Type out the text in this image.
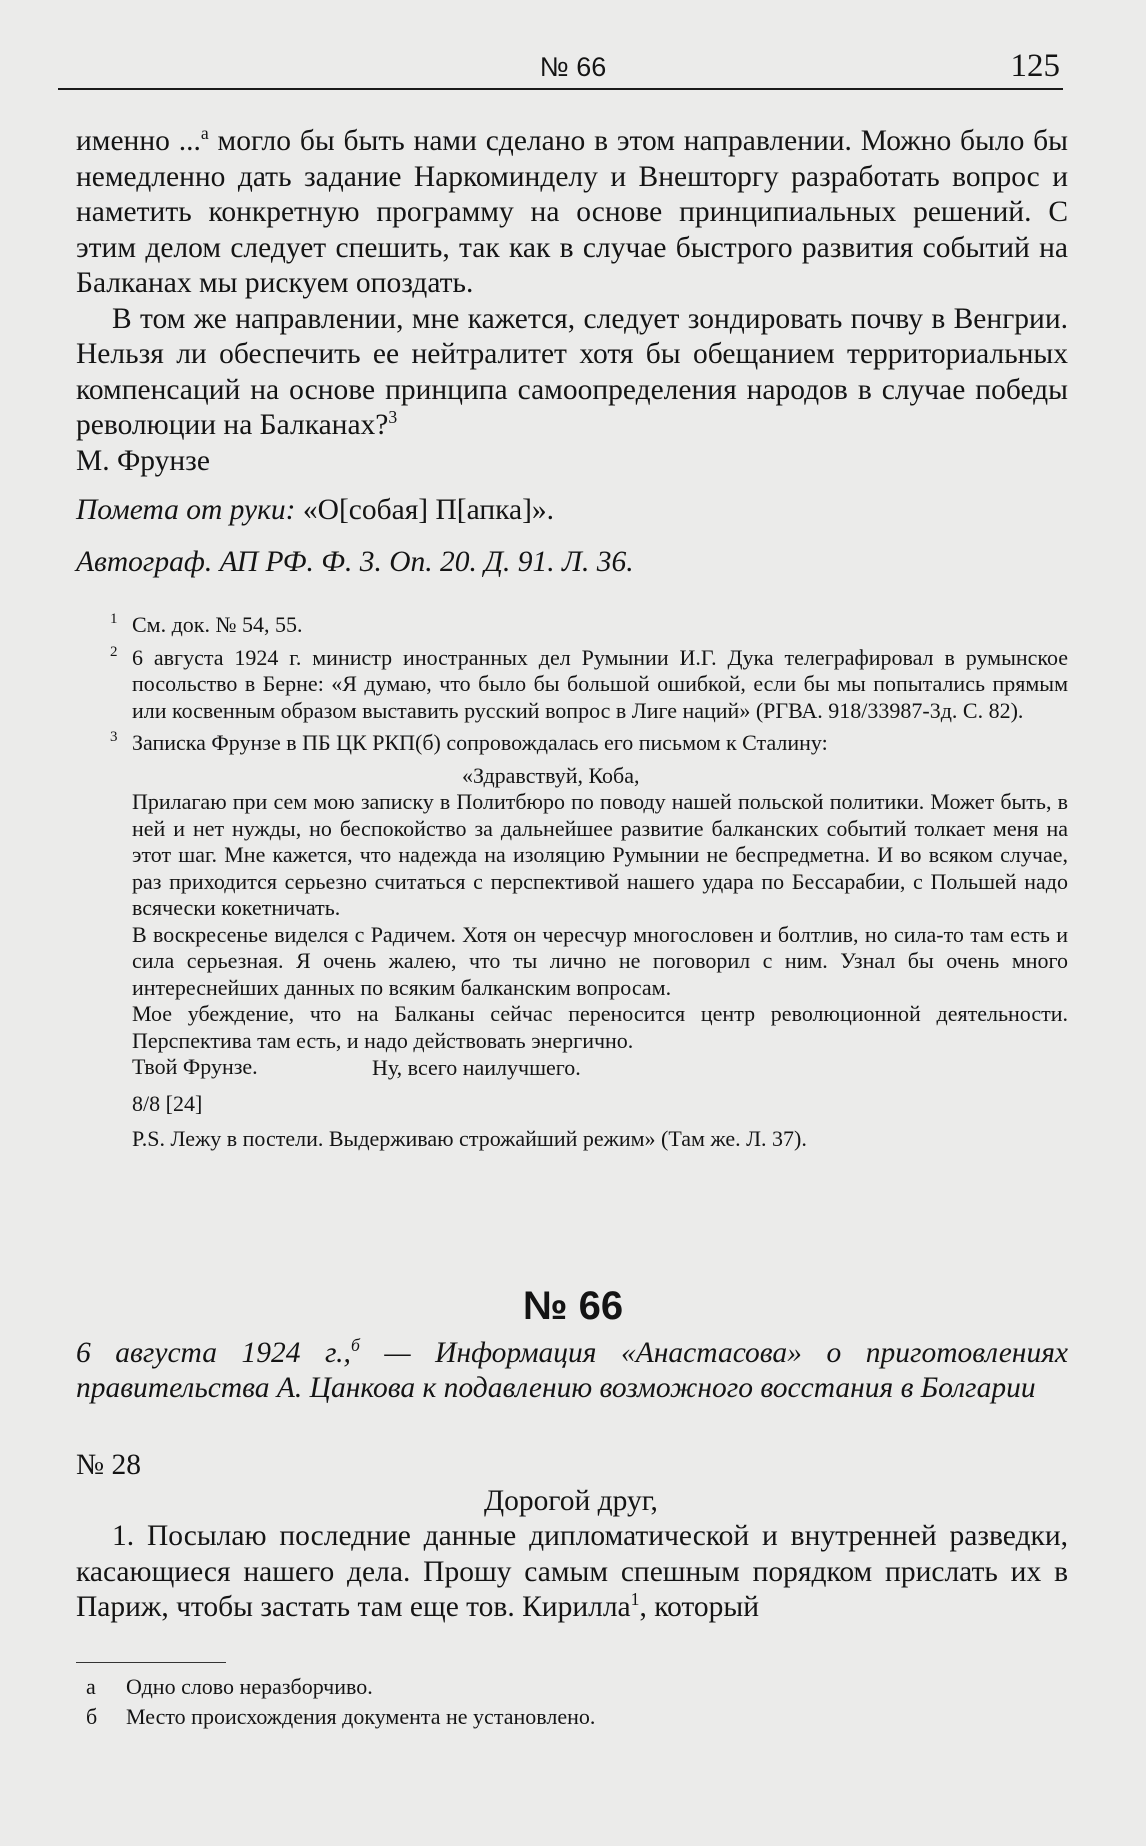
№ 66	125

именно ...$^а$ могло бы быть нами сделано в этом направлении. Можно было бы немедленно дать задание Наркоминделу и Внешторгу разработать вопрос и наметить конкретную программу на основе принципиальных решений. С этим делом следует спешить, так как в случае быстрого развития событий на Балканах мы рискуем опоздать.

В том же направлении, мне кажется, следует зондировать почву в Венгрии. Нельзя ли обеспечить ее нейтралитет хотя бы обещанием территориальных компенсаций на основе принципа самоопределения народов в случае победы революции на Балканах?$^3$

М. Фрунзе

Помета от руки: «О[собая] П[апка]».

Автограф. АП РФ. Ф. 3. Оп. 20. Д. 91. Л. 36.

1 См. док. № 54, 55.

2 6 августа 1924 г. министр иностранных дел Румынии И.Г. Дука телеграфировал в румынское посольство в Берне: «Я думаю, что было бы большой ошибкой, если бы мы попытались прямым или косвенным образом выставить русский вопрос в Лиге наций» (РГВА. 918/33987-3д. С. 82).

3 Записка Фрунзе в ПБ ЦК РКП(б) сопровождалась его письмом к Сталину:

«Здравствуй, Коба,

Прилагаю при сем мою записку в Политбюро по поводу нашей польской политики. Может быть, в ней и нет нужды, но беспокойство за дальнейшее развитие балканских событий толкает меня на этот шаг. Мне кажется, что надежда на изоляцию Румынии не беспредметна. И во всяком случае, раз приходится серьезно считаться с перспективой нашего удара по Бессарабии, с Польшей надо всячески кокетничать.

В воскресенье виделся с Радичем. Хотя он чересчур многословен и болтлив, но сила-то там есть и сила серьезная. Я очень жалею, что ты лично не поговорил с ним. Узнал бы очень много интереснейших данных по всяким балканским вопросам.

Мое убеждение, что на Балканы сейчас переносится центр революционной деятельности. Перспектива там есть, и надо действовать энергично.

Твой Фрунзе.	Ну, всего наилучшего.

8/8 [24]

P.S. Лежу в постели. Выдерживаю строжайший режим» (Там же. Л. 37).

№ 66
6 августа 1924 г.,$^б$ — Информация «Анастасова» о приготовлениях правительства А. Цанкова к подавлению возможного восстания в Болгарии

№ 28

Дорогой друг,

1. Посылаю последние данные дипломатической и внутренней разведки, касающиеся нашего дела. Прошу самым спешным порядком прислать их в Париж, чтобы застать там еще тов. Кирилла$^1$, который

а Одно слово неразборчиво.
б Место происхождения документа не установлено.
